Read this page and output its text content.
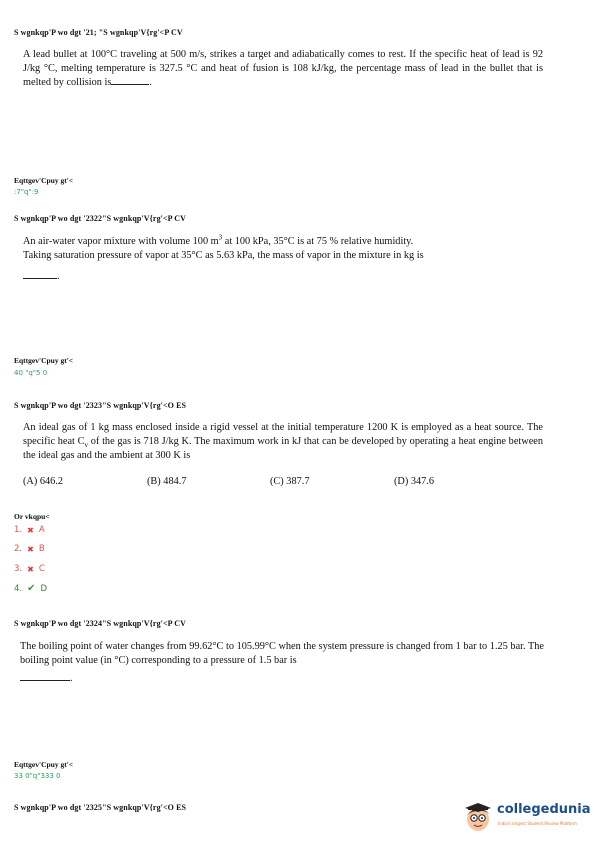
S wgnkqp'P wo dgt '21; "S wgnkqp'V{rg'<P CV
A lead bullet at 100°C traveling at 500 m/s, strikes a target and adiabatically comes to rest. If the specific heat of lead is 92 J/kg °C, melting temperature is 327.5 °C and heat of fusion is 108 kJ/kg, the percentage mass of lead in the bullet that is melted by collision is	.
Eqttgev'Cpuy gt'<
:7"q":9
S wgnkqp'P wo dgt '2322"S wgnkqp'V{rg'<P CV
An air-water vapor mixture with volume 100 $m^3$ at 100 kPa, 35°C is at 75 % relative humidity.
Taking saturation pressure of vapor at 35°C as 5.63 kPa, the mass of vapor in the mixture in kg is
.
Eqttgev'Cpuy gt'<
40 "q"5 0
S wgnkqp'P wo dgt '2323"S wgnkqp'V{rg'<O ES
An ideal gas of 1 kg mass enclosed inside a rigid vessel at the initial temperature 1200 K is employed as a heat source. The specific heat $C_v$ of the gas is 718 J/kg K. The maximum work in kJ that can be developed by operating a heat engine between the ideal gas and the ambient at 300 K is
(A) 646.2	(B) 484.7	(C) 387.7	(D) 347.6
Or vkqpu<
1. ✖ A
2. ✖ B
3. ✖ C
4. ✔ D
S wgnkqp'P wo dgt '2324"S wgnkqp'V{rg'<P CV
The boiling point of water changes from 99.62°C to 105.99°C when the system pressure is changed from 1 bar to 1.25 bar. The boiling point value (in °C) corresponding to a pressure of 1.5 bar is
.
Eqttgev'Cpuy gt'<
33 0"q"333 0
S wgnkqp'P wo dgt '2325"S wgnkqp'V{rg'<O ES	collegedunia
India's largest Student Review Platform
